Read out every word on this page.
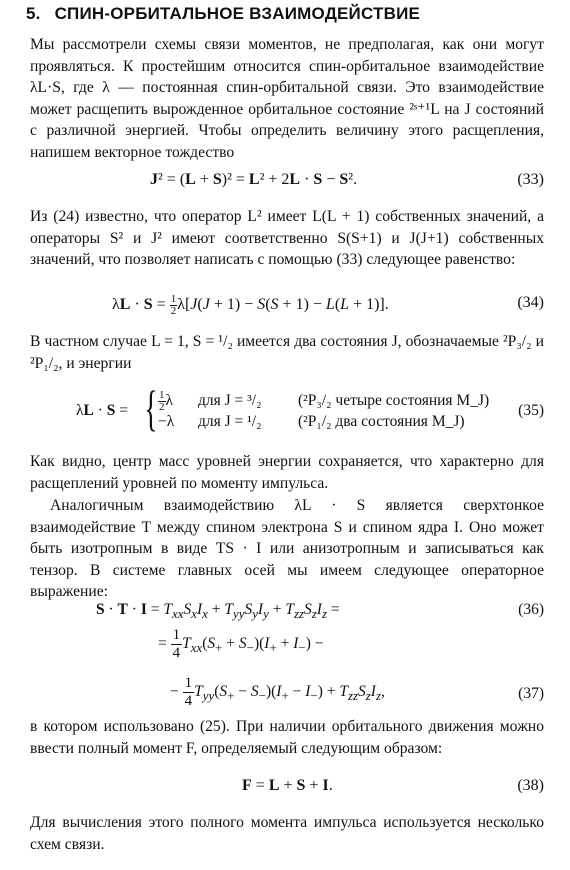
5. СПИН-ОРБИТАЛЬНОЕ ВЗАИМОДЕЙСТВИЕ
Мы рассмотрели схемы связи моментов, не предполагая, как они могут проявляться. К простейшим относится спин-орбитальное взаимодействие λL·S, где λ — постоянная спин-орбитальной связи. Это взаимодействие может расщепить вырожденное орбитальное состояние ²ˢ⁺¹L на J состояний с различной энергией. Чтобы определить величину этого расщепления, напишем векторное тождество
J² = (L + S)² = L² + 2L · S − S².	(33)
Из (24) известно, что оператор L² имеет L(L + 1) собственных значений, а операторы S² и J² имеют соответственно S(S+1) и J(J+1) собственных значений, что позволяет написать с помощью (33) следующее равенство:
$\lambda L \cdot S = \frac{1}{2} \lambda[J(J + 1) - S(S + 1) - L(L + 1)]$.	(34)
В частном случае L = 1, S = ¹/₂ имеется два состояния J, обозначаемые ²P₃/₂ и ²P₁/₂, и энергии
λL · S = { $\frac{1}{2}$ λ для J = ³/₂ (²P₃/₂ четыре состояния M_J)
−λ для J = ¹/₂ (²P₁/₂ два состояния M_J)
(35)
Как видно, центр масс уровней энергии сохраняется, что характерно для расщеплений уровней по моменту импульса.
Аналогичным взаимодействию λL · S является сверхтонкое взаимодействие T между спином электрона S и спином ядра I. Оно может быть изотропным в виде TS · I или анизотропным и записываться как тензор. В системе главных осей мы имеем следующее операторное выражение:
$S \cdot T \cdot I = T_{xx}S_xI_x + T_{yy}S_yI_y + T_{zz}S_zI_z$ =	(36)
= $\frac{1}{4} T_{xx}(S_+ + S_-)(I_+ + I_-)$ −
− $\frac{1}{4} T_{yy}(S_+ - S_-)(I_+ - I_-) + T_{zz}S_zI_z$,	(37)
в котором использовано (25). При наличии орбитального движения можно ввести полный момент F, определяемый следующим образом:
F = L + S + I.	(38)
Для вычисления этого полного момента импульса используется несколько схем связи.
